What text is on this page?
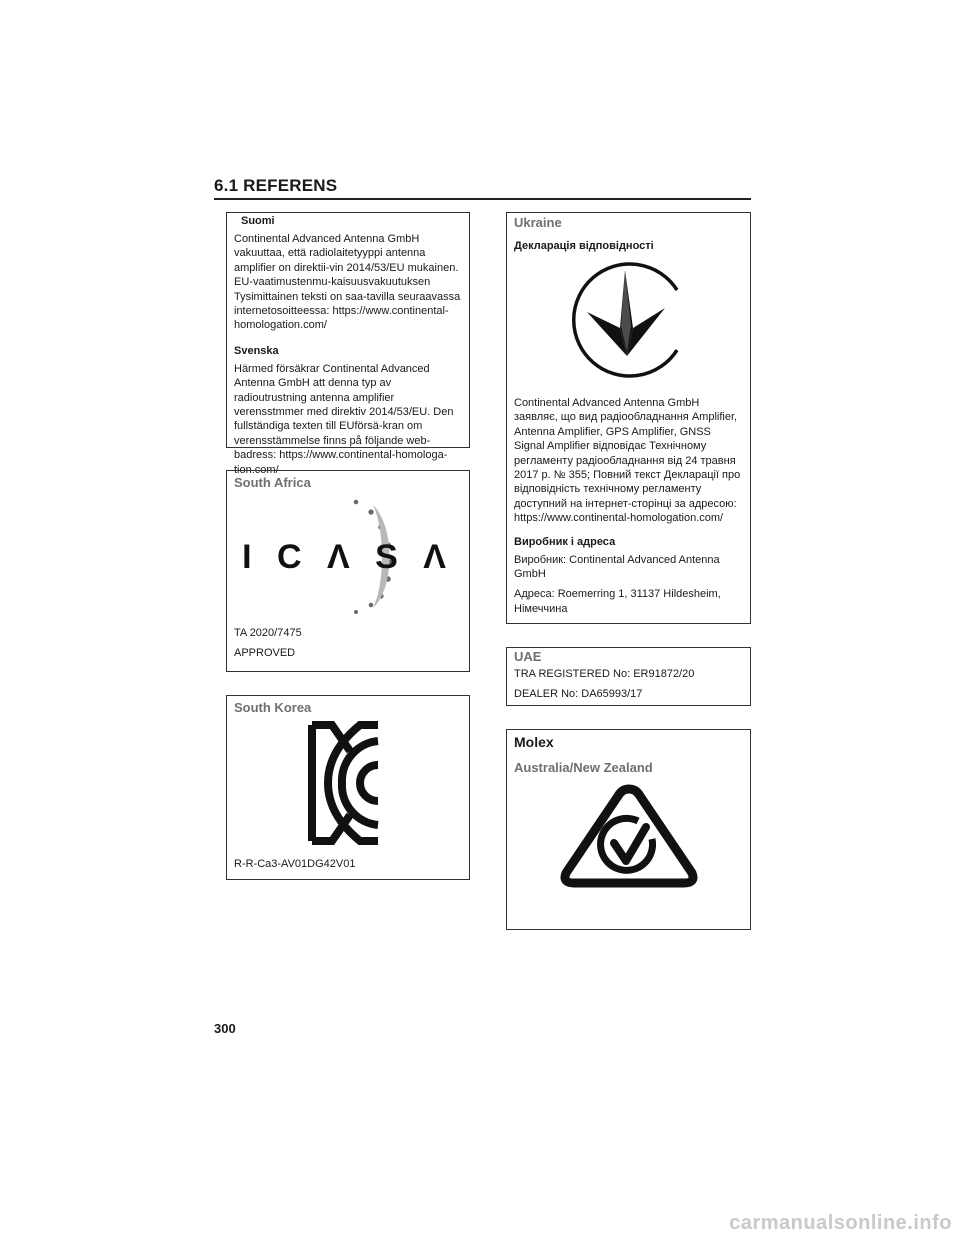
6.1 REFERENS
Suomi

Continental Advanced Antenna GmbH vakuuttaa, että radiolaitetyyppi antenna amplifier on direktii-vin 2014/53/EU mukainen. EU-vaatimustenmu-kaisuusvakuutuksen Tysimittainen teksti on saa-tavilla seuraavassa internetosoitteessa: https://www.continental-homologation.com/

Svenska

Härmed försäkrar Continental Advanced Antenna GmbH att denna typ av radioutrustning antenna amplifier verensstmmer med direktiv 2014/53/EU. Den fullständiga texten till EUförsä-kran om verensstämmelse finns på följande web-badress: https://www.continental-homologa-tion.com/

South Africa
I C Λ S Λ

TA 2020/7475

APPROVED

South Korea

R-R-Ca3-AV01DG42V01

Ukraine
Декларація відповідності

Continental Advanced Antenna GmbH заявляє, що вид радіообладнання Amplifier, Antenna Amplifier, GPS Amplifier, GNSS Signal Amplifier відповідає Технічному регламенту радіообладнання від 24 травня 2017 р. № 355; Повний текст Декларації про відповідність технічному регламенту доступний на інтернет-сторінці за адресою: https://www.continental-homologation.com/

Виробник і адреса

Виробник: Continental Advanced Antenna GmbH

Адреса: Roemerring 1, 31137 Hildesheim, Німеччина

UAE

TRA REGISTERED No: ER91872/20

DEALER No: DA65993/17

Molex
Australia/New Zealand
300
carmanualsonline.info
